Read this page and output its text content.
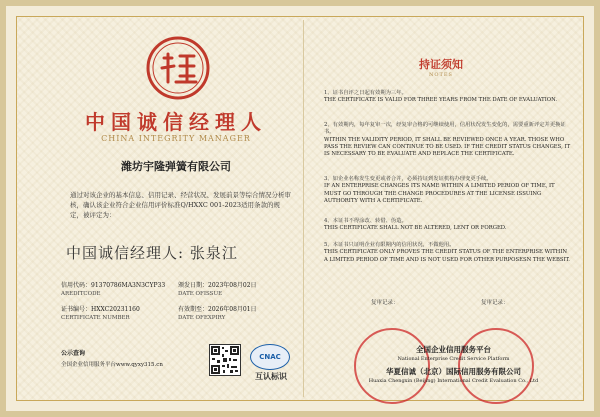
中国诚信经理人
CHINA INTEGRITY MANAGER
潍坊宇隆弹簧有限公司
通过对该企业的基本信息、信用记录、经营状况、发展前景等综合情况分析审核，确认该企业符合企业信用评价标准Q/HXXC 001-2023适用条款的规定，被评定为：
中国诚信经理人: 张泉江
信用代码：91370786MA3N3CYP33
AREDITCODE
颁发日期：2023年08月02日
DATE OFISSUE
证书编号：HXXC20231160
CERTIFICATE NUMBER
有效期至：2026年08月01日
DATE OFEXPIRY
公示查询
全国企业信用服务平台www.qyxy315.cn
CNAC
互认标识
持证须知
NOTES
1、证书自评之日起有效期为三年。
THE CERTIFICATE IS VALID FOR THREE YEARS FROM THE DATE OF EVALUATION.
2、有效期内，每年复审一次，经复审合格的可继续使用，信用状况发生变化的，需要重新评定并更换证书。
WITHIN THE VALIDITY PERIOD, IT SHALL BE REVIEWED ONCE A YEAR. THOSE WHO PASS THE REVIEW CAN CONTINUE TO BE USED. IF THE CREDIT STATUS CHANGES, IT IS NECESSARY TO BE EVALUATE AND REPLACE THE CERTIFICATE.
3、如企业名称发生变更或者合并，必须持证到发证机构办理变更手续。
IF AN ENTERPRISE CHANGES ITS NAME WITHIN A LIMITED PERIOD OF TIME, IT MUST GO THROUGH THE CHANGE PROCEDURES AT THE LICENSE ISSUING AUTHORITY WITH A CERTIFICATE.
4、本证书不得涂改、转借、伪造。
THIS CERTIFICATE SHALL NOT BE ALTERED, LENT OR FORGED.
5、本证书只证明企业有限期内的信用状况，不做他用。
THIS CERTIFICATE ONLY PROVES THE CREDIT STATUS OF THE ENTERPRISE WITHIN A LIMITED PERIOD OF TIME AND IS NOT USED FOR OTHER PURPOSESN THE WEBSIT.
复审记录：	复审记录：
全国企业信用服务平台
National Enterprise Credit Service Platform
华夏信诚（北京）国际信用服务有限公司
Huaxia Chengxin (Beijing) International Credit Evaluation Co., Ltd
